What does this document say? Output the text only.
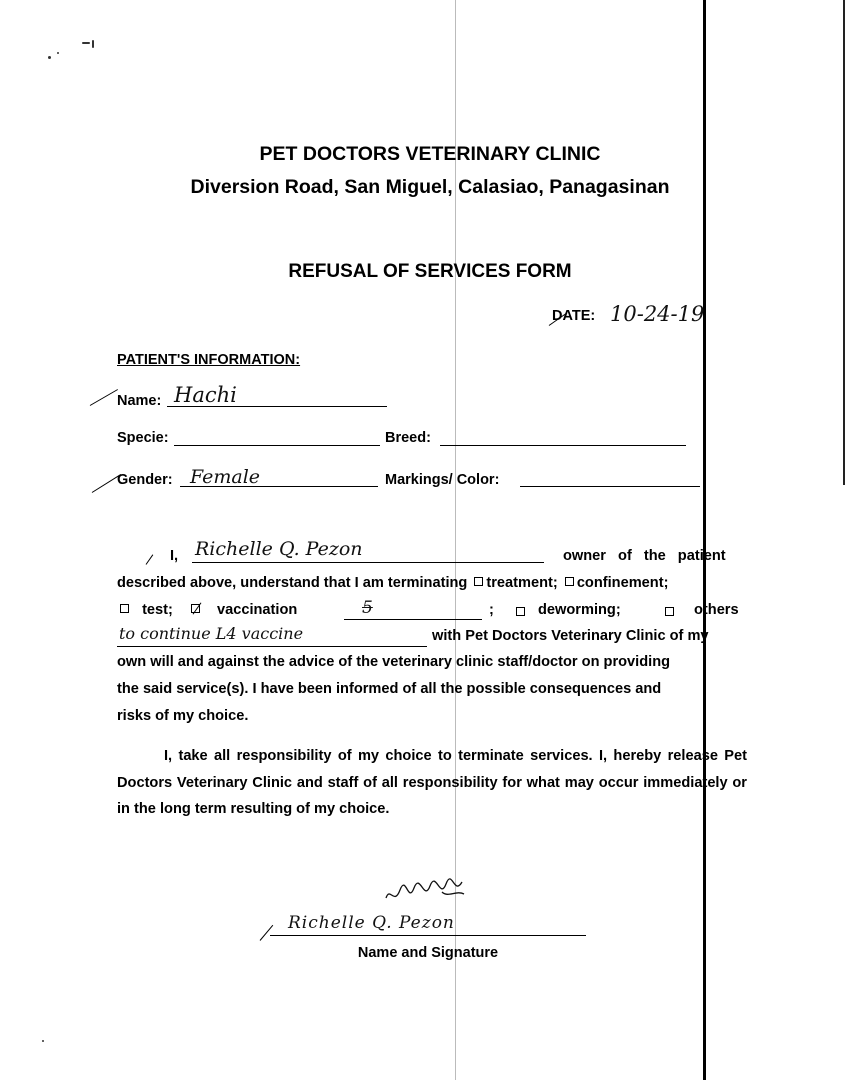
PET DOCTORS VETERINARY CLINIC
Diversion Road, San Miguel, Calasiao, Panagasinan
REFUSAL OF SERVICES FORM
DATE: 10-24-19
PATIENT'S INFORMATION:
Name: Hachi
Specie:	Breed:
Gender: Female	Markings/ Color:
I, Richelle Q. Pezon	owner of the patient
described above, understand that I am terminating treatment; confinement;
test;	vaccination	5	;	deworming;	others
to continue L4 vaccine	with Pet Doctors Veterinary Clinic of my
own will and against the advice of the veterinary clinic staff/doctor on providing
the said service(s). I have been informed of all the possible consequences and
risks of my choice.
I, take all responsibility of my choice to terminate services. I, hereby release Pet Doctors Veterinary Clinic and staff of all responsibility for what may occur immediately or in the long term resulting of my choice.
Richelle Q. Pezon
Name and Signature
